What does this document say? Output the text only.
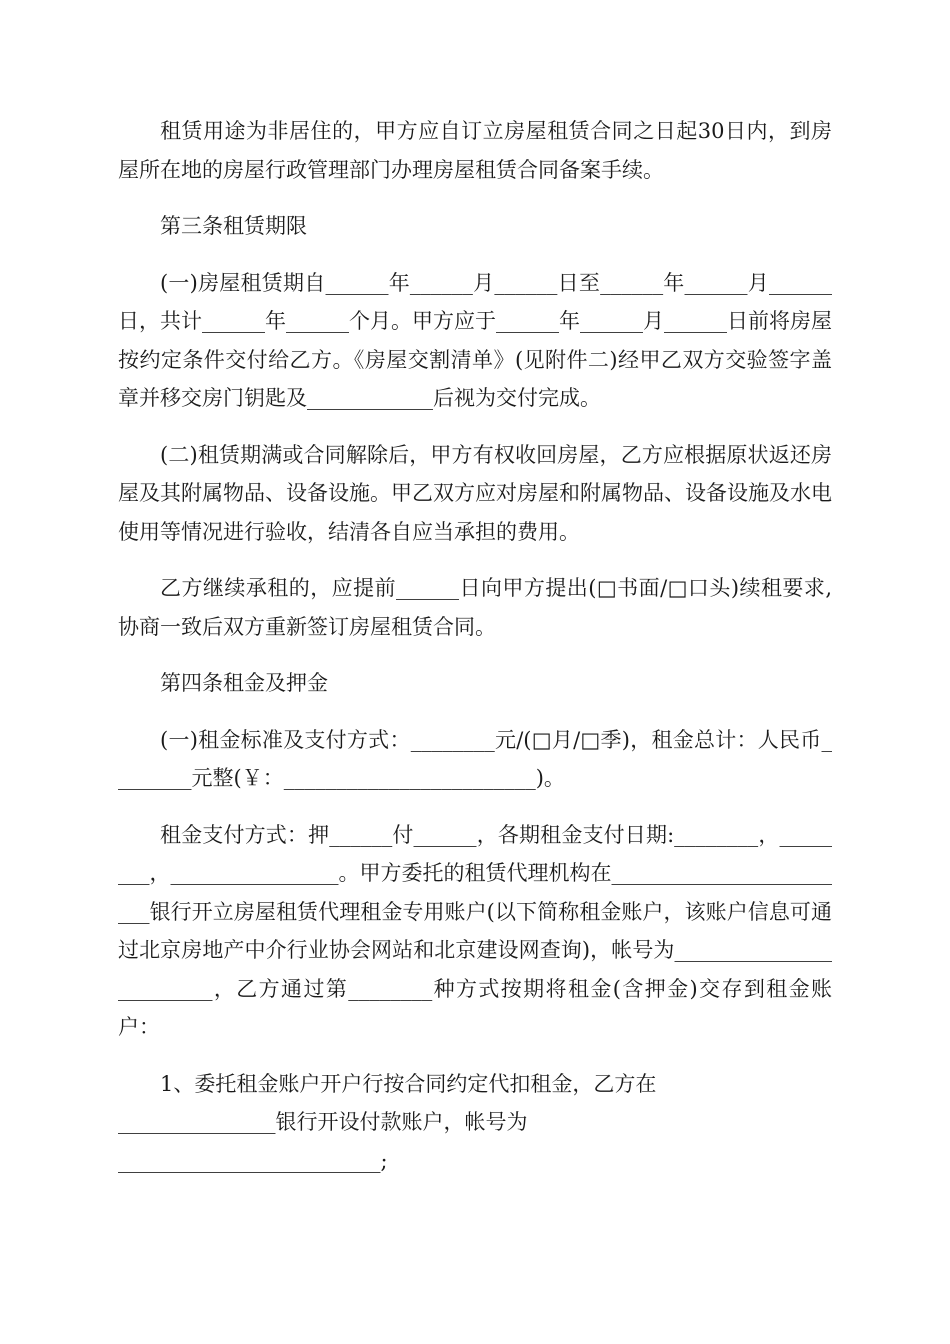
租赁用途为非居住的，甲方应自订立房屋租赁合同之日起30日内，到房屋所在地的房屋行政管理部门办理房屋租赁合同备案手续。

第三条租赁期限

(一)房屋租赁期自______年______月______日至______年______月______日，共计______年______个月。甲方应于______年______月______日前将房屋按约定条件交付给乙方。《房屋交割清单》(见附件二)经甲乙双方交验签字盖章并移交房门钥匙及____________后视为交付完成。

(二)租赁期满或合同解除后，甲方有权收回房屋，乙方应根据原状返还房屋及其附属物品、设备设施。甲乙双方应对房屋和附属物品、设备设施及水电使用等情况进行验收，结清各自应当承担的费用。

乙方继续承租的，应提前______日向甲方提出(□书面/□口头)续租要求,协商一致后双方重新签订房屋租赁合同。

第四条租金及押金

(一)租金标准及支付方式：________元/(□月/□季)，租金总计：人民币________元整(￥：________________________)。

租金支付方式：押______付______，各期租金支付日期:________，________，________________。甲方委托的租赁代理机构在________________________银行开立房屋租赁代理租金专用账户(以下简称租金账户，该账户信息可通过北京房地产中介行业协会网站和北京建设网查询)，帐号为________________________，乙方通过第________种方式按期将租金(含押金)交存到租金账户：

1、委托租金账户开户行按合同约定代扣租金，乙方在
_______________银行开设付款账户，帐号为
_________________________;
